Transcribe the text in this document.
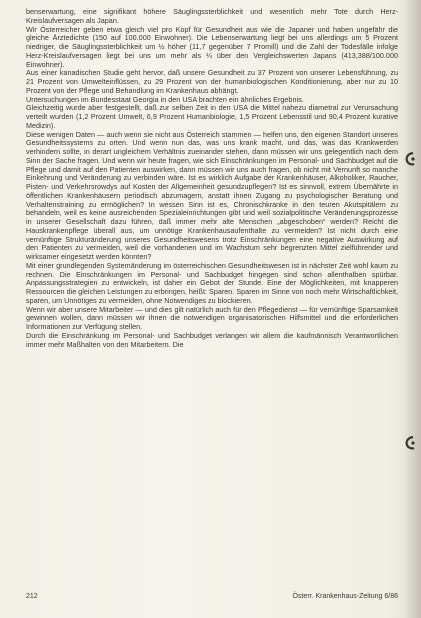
benserwartung, eine signifikant höhere Säuglingssterblichkeit und wesentlich mehr Tote durch Herz-Kreislaufversagen als Japan.

Wir Österreicher geben etwa gleich viel pro Kopf für Gesundheit aus wie die Japaner und haben ungefähr die gleiche Ärztedichte (150 auf 100.000 Einwohner). Die Lebenserwartung liegt bei uns allerdings um 5 Prozent niedriger, die Säuglingssterblichkeit um ½ höher (11,7 gegenüber 7 Promill) und die Zahl der Todesfälle infolge Herz-Kreislaufversagen liegt bei uns um mehr als ¼ über den Vergleichswerten Japans (413,388/100.000 Einwohner).

Aus einer kanadischen Studie geht hervor, daß unsere Gesundheit zu 37 Prozent von unserer Lebensführung, zu 21 Prozent von Umwelteinflüssen, zu 29 Prozent von der humanbiologischen Konditionierung, aber nur zu 10 Prozent von der Pflege und Behandlung im Krankenhaus abhängt.

Untersuchungen im Bundesstaat Georgia in den USA brachten ein ähnliches Ergebnis.

Gleichzeitig wurde aber festgestellt, daß zur selben Zeit in den USA die Mittel nahezu diametral zur Verursachung verteilt wurden (1,2 Prozent Umwelt, 6,9 Prozent Humanbiologie, 1,5 Prozent Lebensstil und 90,4 Prozent kurative Medizin).

Diese wenigen Daten — auch wenn sie nicht aus Österreich stammen — helfen uns, den eigenen Standort unseres Gesundheitssystems zu orten. Und wenn nun das, was uns krank macht, und das, was das Krankwerden verhindern sollte, in derart ungleichem Verhältnis zueinander stehen, dann müssen wir uns gelegentlich nach dem Sinn der Sache fragen. Und wenn wir heute fragen, wie sich Einschränkungen im Personal- und Sachbudget auf die Pflege und damit auf den Patienten auswirken, dann müssen wir uns auch fragen, ob nicht mit Vernunft so manche Einkehrung und Veränderung zu verbinden wäre. Ist es wirklich Aufgabe der Krankenhäuser, Alkoholiker, Raucher, Pisten- und Verkehrsrowdys auf Kosten der Allgemeinheit gesundzupflegen? Ist es sinnvoll, extrem Übernährte in öffentlichen Krankenhäusern periodisch abzumagern, anstatt ihnen Zugang zu psychologischer Beratung und Verhaltenstraining zu ermöglichen? In wessen Sinn ist es, Chronischkranke in den teuren Akutspitälern zu behandeln, weil es keine ausreichenden Spezialeinrichtungen gibt und weil sozialpolitische Veränderungsprozesse in unserer Gesellschaft dazu führen, daß immer mehr alte Menschen „abgeschoben“ werden? Reicht die Hauskrankenpflege überall aus, um unnötige Krankenhausaufenthalte zu vermeiden? Ist nicht durch eine vernünftige Strukturänderung unseres Gesundheitswesens trotz Einschränkungen eine negative Auswirkung auf den Patienten zu vermeiden, weil die vorhandenen und im Wachstum sehr begrenzten Mittel zielführender und wirksamer eingesetzt werden könnten?

Mit einer grundlegenden Systemänderung im österreichischen Gesundheitswesen ist in nächster Zeit wohl kaum zu rechnen. Die Einschränkungen im Personal- und Sachbudget hingegen sind schon allenthalben spürbar. Anpassungsstrategien zu entwickeln, ist daher ein Gebot der Stunde. Eine der Möglichkeiten, mit knapperen Ressourcen die gleichen Leistungen zu erbringen, heißt: Sparen. Sparen im Sinne von noch mehr Wirtschaftlichkeit, sparen, um Unnötiges zu vermeiden, ohne Notwendiges zu blockieren.

Wenn wir aber unsere Mitarbeiter — und dies gilt natürlich auch für den Pflegedienst — für vernünftige Sparsamkeit gewinnen wollen, dann müssen wir ihnen die notwendigen organisatorischen Hilfsmittel und die erforderlichen Informationen zur Verfügung stellen.

Durch die Einschränkung im Personal- und Sachbudget verlangen wir allem die kaufmännisch Verantwortlichen immer mehr Maßhalten von den Mitarbeitern. Die

212	Österr. Krankenhaus-Zeitung 6/86
